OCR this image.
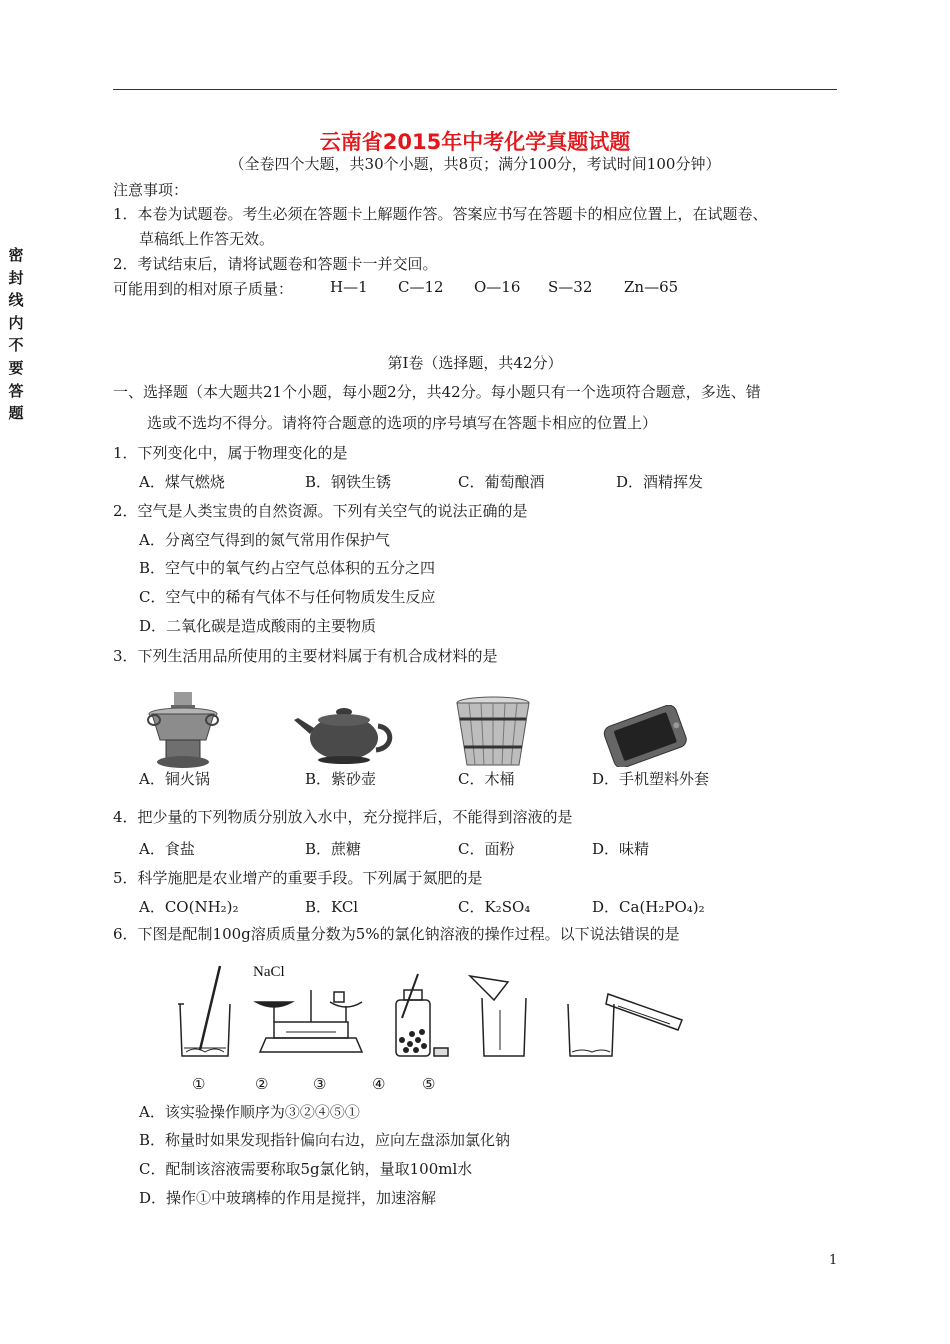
密
封
线
内
不
要
答
题
云南省2015年中考化学真题试题
（全卷四个大题，共30个小题，共8页；满分100分，考试时间100分钟）
注意事项：
1．本卷为试题卷。考生必须在答题卡上解题作答。答案应书写在答题卡的相应位置上，在试题卷、
草稿纸上作答无效。
2．考试结束后，请将试题卷和答题卡一并交回。
可能用到的相对原子质量： H—1 C—12 O—16 S—32 Zn—65
第Ⅰ卷（选择题，共42分）
一、选择题（本大题共21个小题，每小题2分，共42分。每小题只有一个选项符合题意，多选、错
选或不选均不得分。请将符合题意的选项的序号填写在答题卡相应的位置上）
1．下列变化中，属于物理变化的是
A．煤气燃烧	B．钢铁生锈	C．葡萄酿酒	D．酒精挥发
2．空气是人类宝贵的自然资源。下列有关空气的说法正确的是
A．分离空气得到的氮气常用作保护气
B．空气中的氧气约占空气总体积的五分之四
C．空气中的稀有气体不与任何物质发生反应
D．二氧化碳是造成酸雨的主要物质
3．下列生活用品所使用的主要材料属于有机合成材料的是
A．铜火锅	B．紫砂壶	C．木桶	D．手机塑料外套
4．把少量的下列物质分别放入水中，充分搅拌后，不能得到溶液的是
A．食盐	B．蔗糖	C．面粉	D．味精
5．科学施肥是农业增产的重要手段。下列属于氮肥的是
A．CO(NH₂)₂	B．KCl	C．K₂SO₄	D．Ca(H₂PO₄)₂
6．下图是配制100g溶质质量分数为5%的氯化钠溶液的操作过程。以下说法错误的是
NaCl
①	②	③	④ ⑤
A．该实验操作顺序为③②④⑤①
B．称量时如果发现指针偏向右边，应向左盘添加氯化钠
C．配制该溶液需要称取5g氯化钠，量取100ml水
D．操作①中玻璃棒的作用是搅拌，加速溶解
1
